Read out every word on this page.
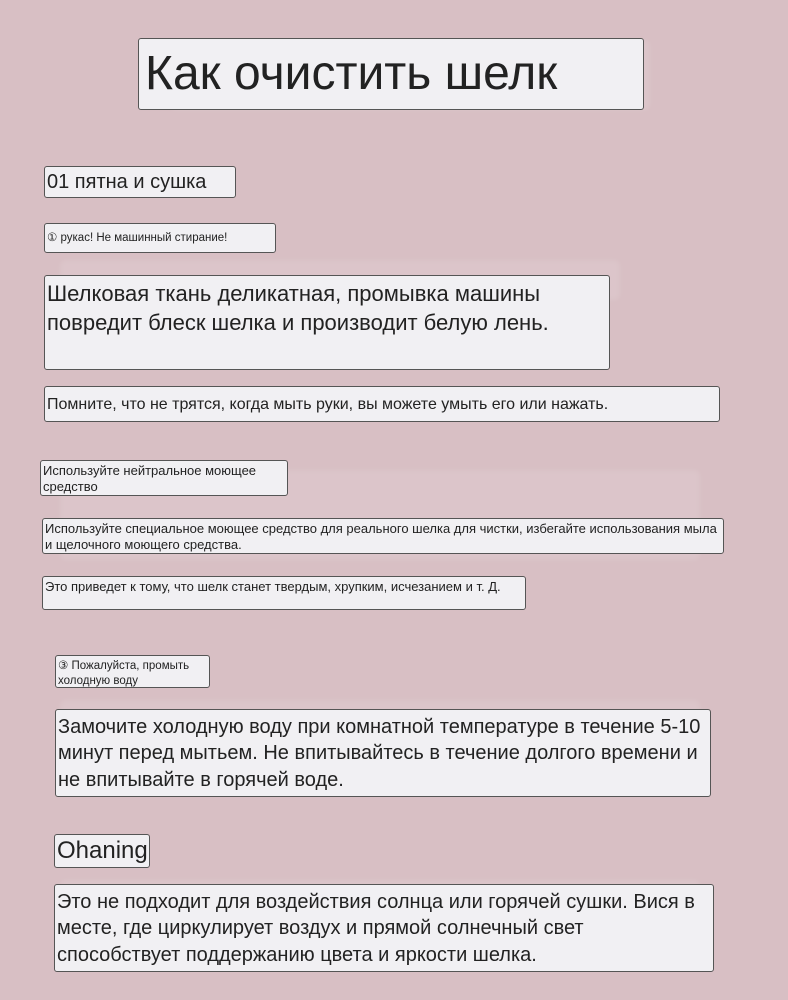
Как очистить шелк
01 пятна и сушка
① рукас! Не машинный стирание!
Шелковая ткань деликатная, промывка машины повредит блеск шелка и производит белую лень.
Помните, что не трятся, когда мыть руки, вы можете умыть его или нажать.
Используйте нейтральное моющее средство
Используйте специальное моющее средство для реального шелка для чистки, избегайте использования мыла и щелочного моющего средства.
Это приведет к тому, что шелк станет твердым, хрупким, исчезанием и т. Д.
③ Пожалуйста, промыть холодную воду
Замочите холодную воду при комнатной температуре в течение 5-10 минут перед мытьем. Не впитывайтесь в течение долгого времени и не впитывайте в горячей воде.
Ohaning
Это не подходит для воздействия солнца или горячей сушки. Вися в месте, где циркулирует воздух и прямой солнечный свет способствует поддержанию цвета и яркости шелка.
